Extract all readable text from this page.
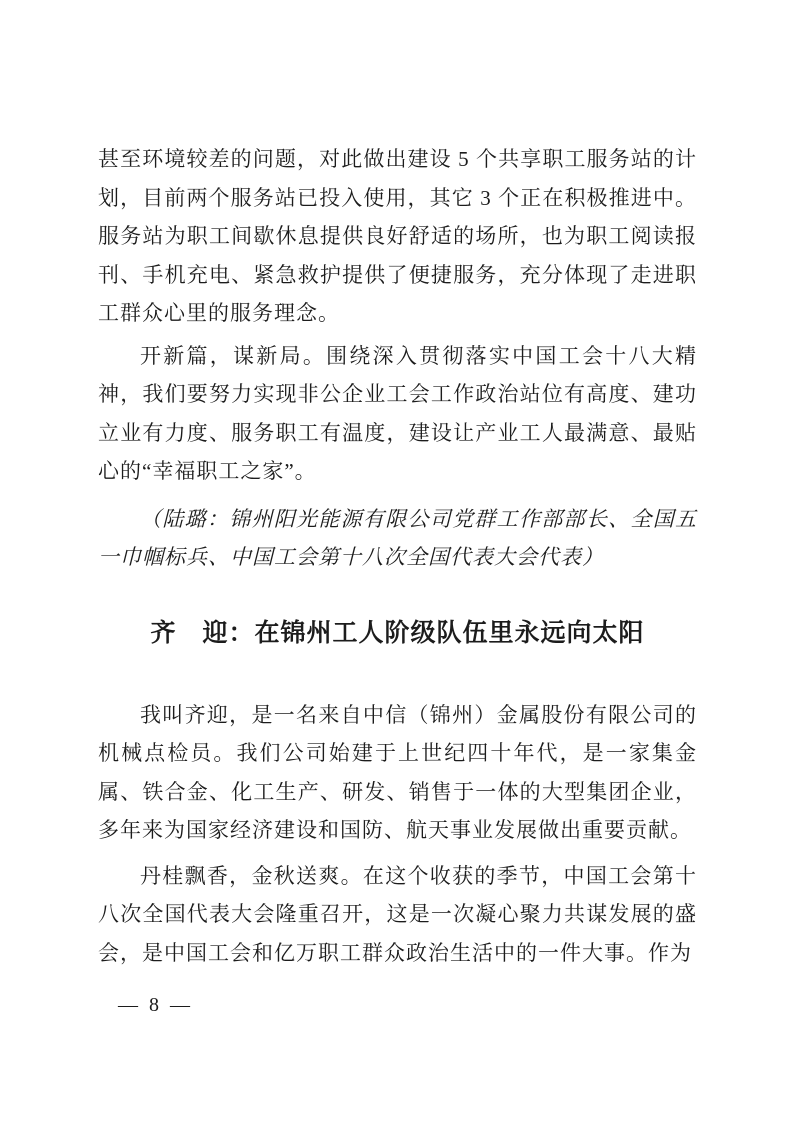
甚至环境较差的问题，对此做出建设 5 个共享职工服务站的计划，目前两个服务站已投入使用，其它 3 个正在积极推进中。服务站为职工间歇休息提供良好舒适的场所，也为职工阅读报刊、手机充电、紧急救护提供了便捷服务，充分体现了走进职工群众心里的服务理念。

开新篇，谋新局。围绕深入贯彻落实中国工会十八大精神，我们要努力实现非公企业工会工作政治站位有高度、建功立业有力度、服务职工有温度，建设让产业工人最满意、最贴心的“幸福职工之家”。

（陆璐：锦州阳光能源有限公司党群工作部部长、全国五一巾帼标兵、中国工会第十八次全国代表大会代表）

齐　迎：在锦州工人阶级队伍里永远向太阳

我叫齐迎，是一名来自中信（锦州）金属股份有限公司的机械点检员。我们公司始建于上世纪四十年代，是一家集金属、铁合金、化工生产、研发、销售于一体的大型集团企业，多年来为国家经济建设和国防、航天事业发展做出重要贡献。

丹桂飘香，金秋送爽。在这个收获的季节，中国工会第十八次全国代表大会隆重召开，这是一次凝心聚力共谋发展的盛会，是中国工会和亿万职工群众政治生活中的一件大事。作为

— 8 —
